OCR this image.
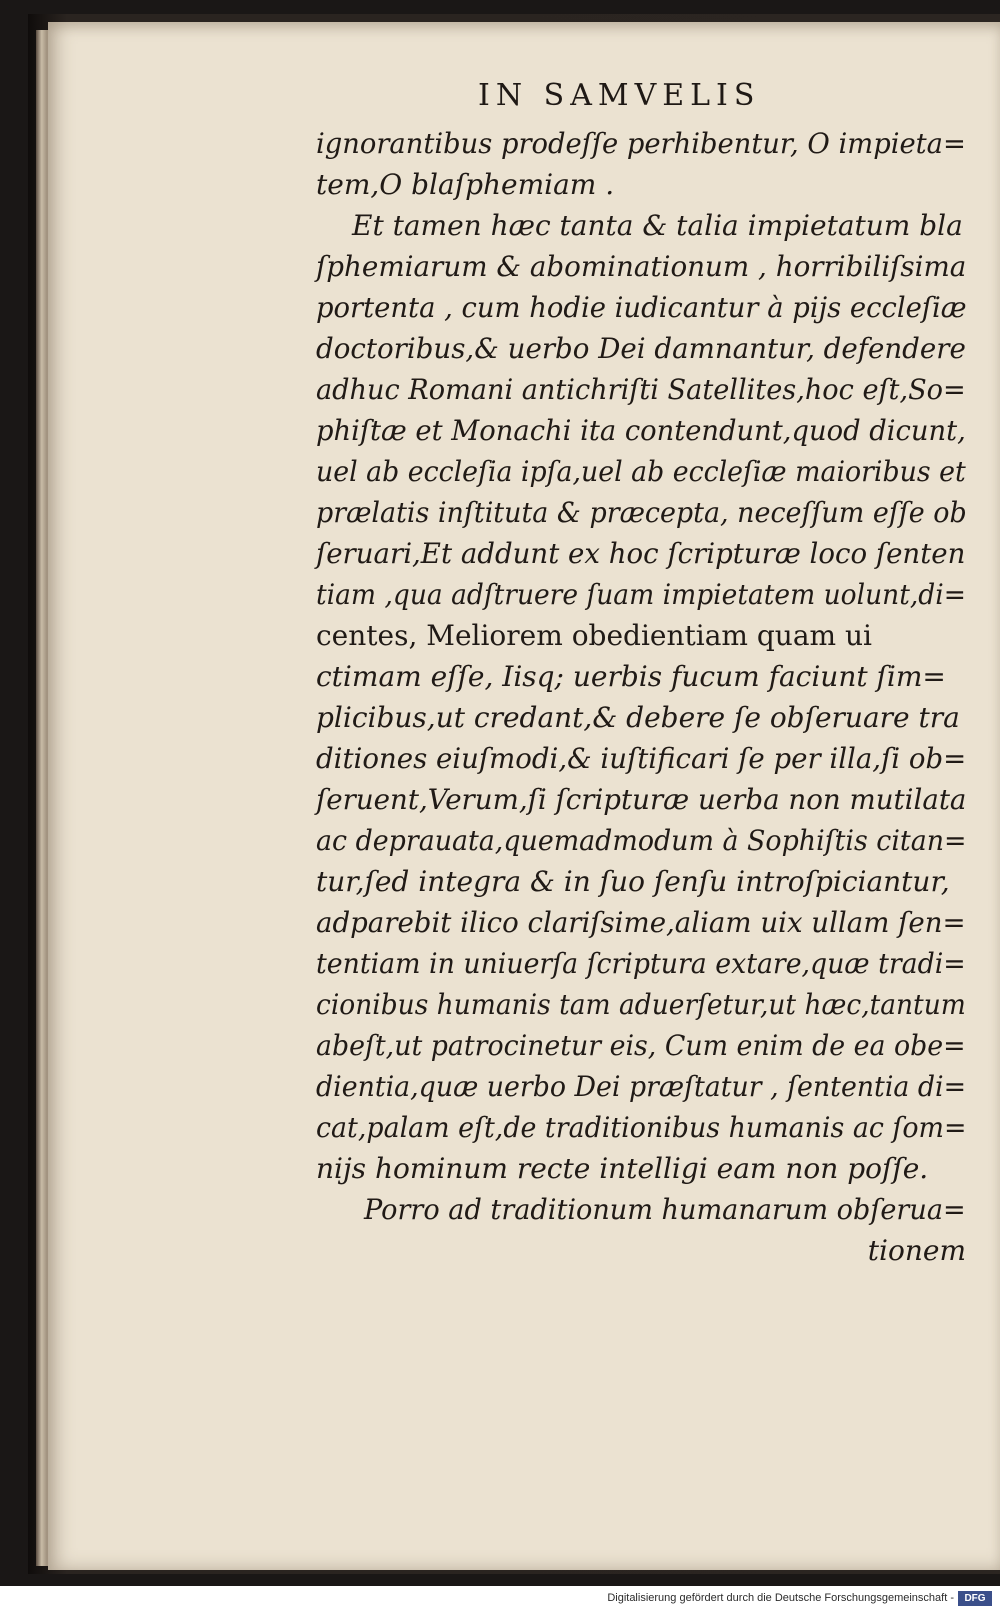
IN SAMVELIS
ignorantibus prodeſſe perhibentur, O impieta=
tem,O blaſphemiam .
Et tamen hæc tanta & talia impietatum bla
ſphemiarum & abominationum , horribiliſsima
portenta , cum hodie iudicantur à pijs eccleſiæ
doctoribus,& uerbo Dei damnantur, defendere
adhuc Romani antichriſti Satellites,hoc eſt,So=
phiſtæ et Monachi ita contendunt,quod dicunt,
uel ab eccleſia ipſa,uel ab eccleſiæ maioribus et
prælatis inſtituta & præcepta, neceſſum eſſe ob
ſeruari,Et addunt ex hoc ſcripturæ loco ſenten
tiam ,qua adſtruere ſuam impietatem uolunt,di=
centes, Meliorem obedientiam quam ui
ctimam eſſe, Iisq; uerbis fucum faciunt ſim=
plicibus,ut credant,& debere ſe obſeruare tra
ditiones eiuſmodi,& iuſtificari ſe per illa,ſi ob=
ſeruent,Verum,ſi ſcripturæ uerba non mutilata
ac deprauata,quemadmodum à Sophiſtis citan=
tur,ſed integra & in ſuo ſenſu introſpiciantur,
adparebit ilico clariſsime,aliam uix ullam ſen=
tentiam in uniuerſa ſcriptura extare,quæ tradi=
cionibus humanis tam aduerſetur,ut hæc,tantum
abeſt,ut patrocinetur eis, Cum enim de ea obe=
dientia,quæ uerbo Dei præſtatur , ſententia di=
cat,palam eſt,de traditionibus humanis ac ſom=
nijs hominum recte intelligi eam non poſſe.
Porro ad traditionum humanarum obſerua=
tionem
Digitalisierung gefördert durch die Deutsche Forschungsgemeinschaft -	DFG
